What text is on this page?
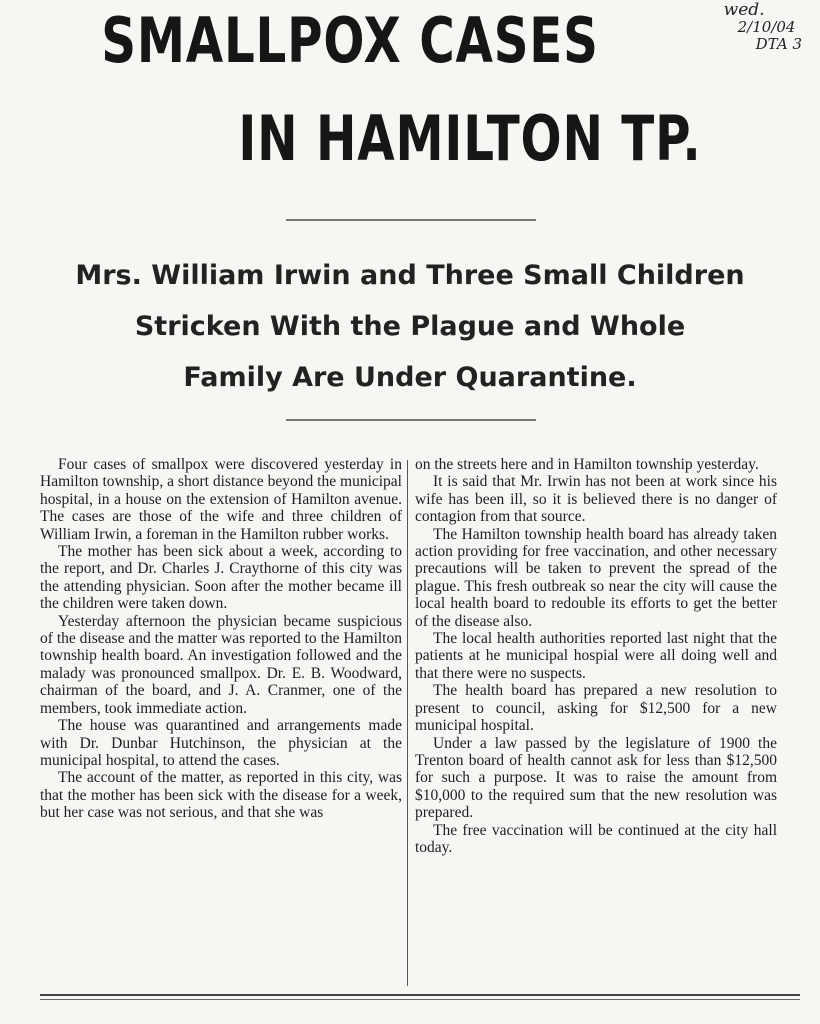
wed.
2/10/04
DTA 3
SMALLPOX CASES
IN HAMILTON TP.
Mrs. William Irwin and Three Small Children
Stricken With the Plague and Whole
Family Are Under Quarantine.

Four cases of smallpox were discovered yesterday in Hamilton township, a short distance beyond the municipal hospital, in a house on the extension of Hamilton avenue. The cases are those of the wife and three children of William Irwin, a foreman in the Hamilton rubber works.

The mother has been sick about a week, according to the report, and Dr. Charles J. Craythorne of this city was the attending physician. Soon after the mother became ill the children were taken down.

Yesterday afternoon the physician became suspicious of the disease and the matter was reported to the Hamilton township health board. An investigation followed and the malady was pronounced smallpox. Dr. E. B. Woodward, chairman of the board, and J. A. Cranmer, one of the members, took immediate action.

The house was quarantined and arrangements made with Dr. Dunbar Hutchinson, the physician at the municipal hospital, to attend the cases.

The account of the matter, as reported in this city, was that the mother has been sick with the disease for a week, but her case was not serious, and that she was

on the streets here and in Hamilton township yesterday.

It is said that Mr. Irwin has not been at work since his wife has been ill, so it is believed there is no danger of contagion from that source.

The Hamilton township health board has already taken action providing for free vaccination, and other necessary precautions will be taken to prevent the spread of the plague. This fresh outbreak so near the city will cause the local health board to redouble its efforts to get the better of the disease also.

The local health authorities reported last night that the patients at he municipal hospial were all doing well and that there were no suspects.

The health board has prepared a new resolution to present to council, asking for $12,500 for a new municipal hospital.

Under a law passed by the legislature of 1900 the Trenton board of health cannot ask for less than $12,500 for such a purpose. It was to raise the amount from $10,000 to the required sum that the new resolution was prepared.

The free vaccination will be continued at the city hall today.
